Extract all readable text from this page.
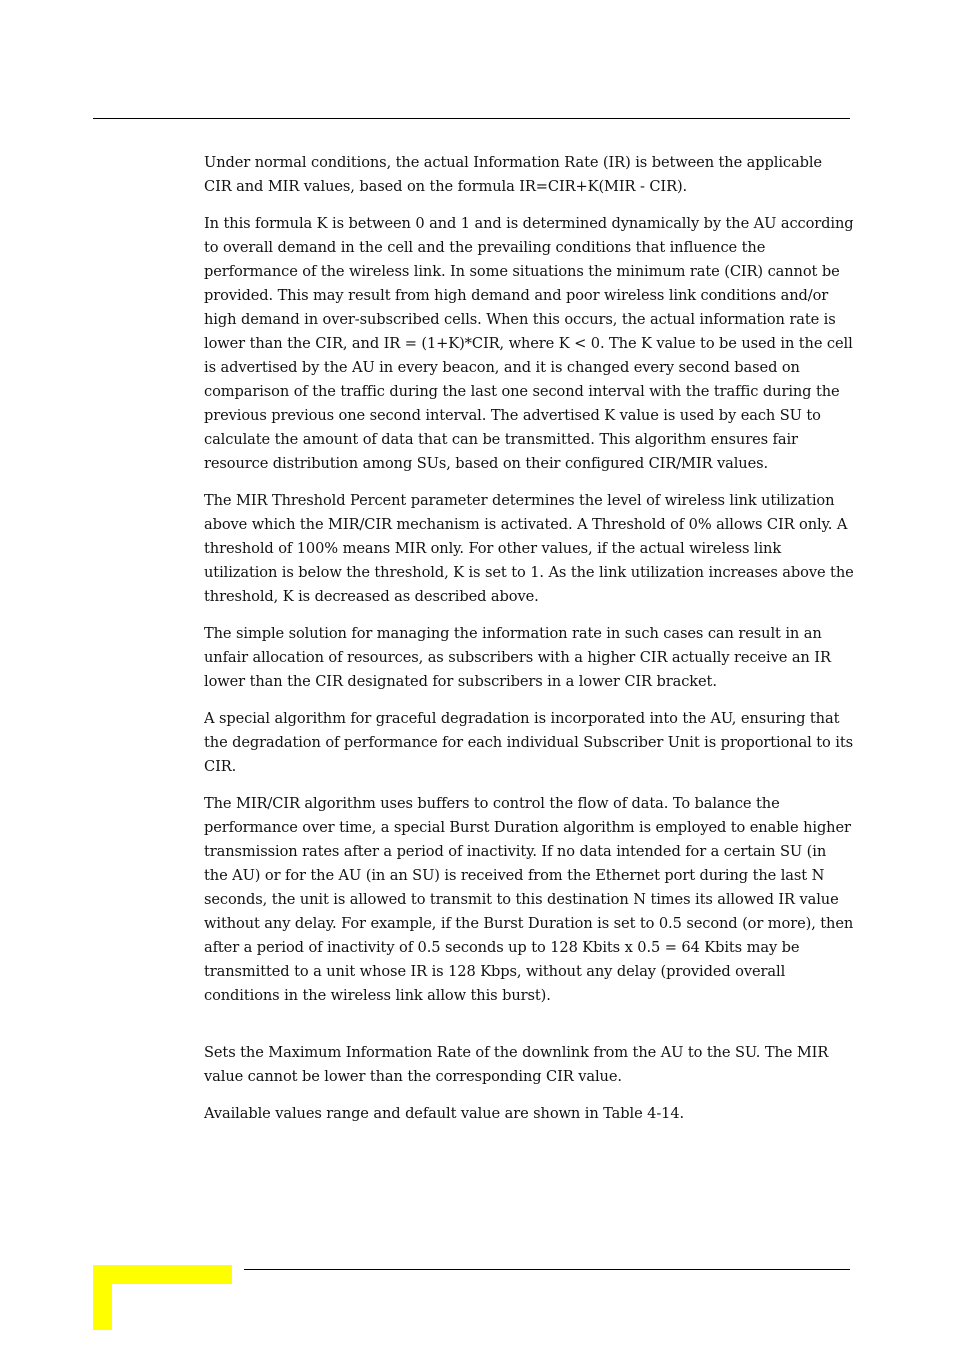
Under normal conditions, the actual Information Rate (IR) is between the applicable CIR and MIR values, based on the formula IR=CIR+K(MIR - CIR).

In this formula K is between 0 and 1 and is determined dynamically by the AU according to overall demand in the cell and the prevailing conditions that influence the performance of the wireless link. In some situations the minimum rate (CIR) cannot be provided. This may result from high demand and poor wireless link conditions and/or high demand in over-subscribed cells. When this occurs, the actual information rate is lower than the CIR, and IR = (1+K)*CIR, where K < 0. The K value to be used in the cell is advertised by the AU in every beacon, and it is changed every second based on comparison of the traffic during the last one second interval with the traffic during the previous previous one second interval. The advertised K value is used by each SU to calculate the amount of data that can be transmitted. This algorithm ensures fair resource distribution among SUs, based on their configured CIR/MIR values.

The MIR Threshold Percent parameter determines the level of wireless link utilization above which the MIR/CIR mechanism is activated. A Threshold of 0% allows CIR only. A threshold of 100% means MIR only. For other values, if the actual wireless link utilization is below the threshold, K is set to 1. As the link utilization increases above the threshold, K is decreased as described above.

The simple solution for managing the information rate in such cases can result in an unfair allocation of resources, as subscribers with a higher CIR actually receive an IR lower than the CIR designated for subscribers in a lower CIR bracket.

A special algorithm for graceful degradation is incorporated into the AU, ensuring that the degradation of performance for each individual Subscriber Unit is proportional to its CIR.

The MIR/CIR algorithm uses buffers to control the flow of data. To balance the performance over time, a special Burst Duration algorithm is employed to enable higher transmission rates after a period of inactivity. If no data intended for a certain SU (in the AU) or for the AU (in an SU) is received from the Ethernet port during the last N seconds, the unit is allowed to transmit to this destination N times its allowed IR value without any delay. For example, if the Burst Duration is set to 0.5 second (or more), then after a period of inactivity of 0.5 seconds up to 128 Kbits x 0.5 = 64 Kbits may be transmitted to a unit whose IR is 128 Kbps, without any delay (provided overall conditions in the wireless link allow this burst).

Sets the Maximum Information Rate of the downlink from the AU to the SU. The MIR value cannot be lower than the corresponding CIR value.

Available values range and default value are shown in Table 4-14.
